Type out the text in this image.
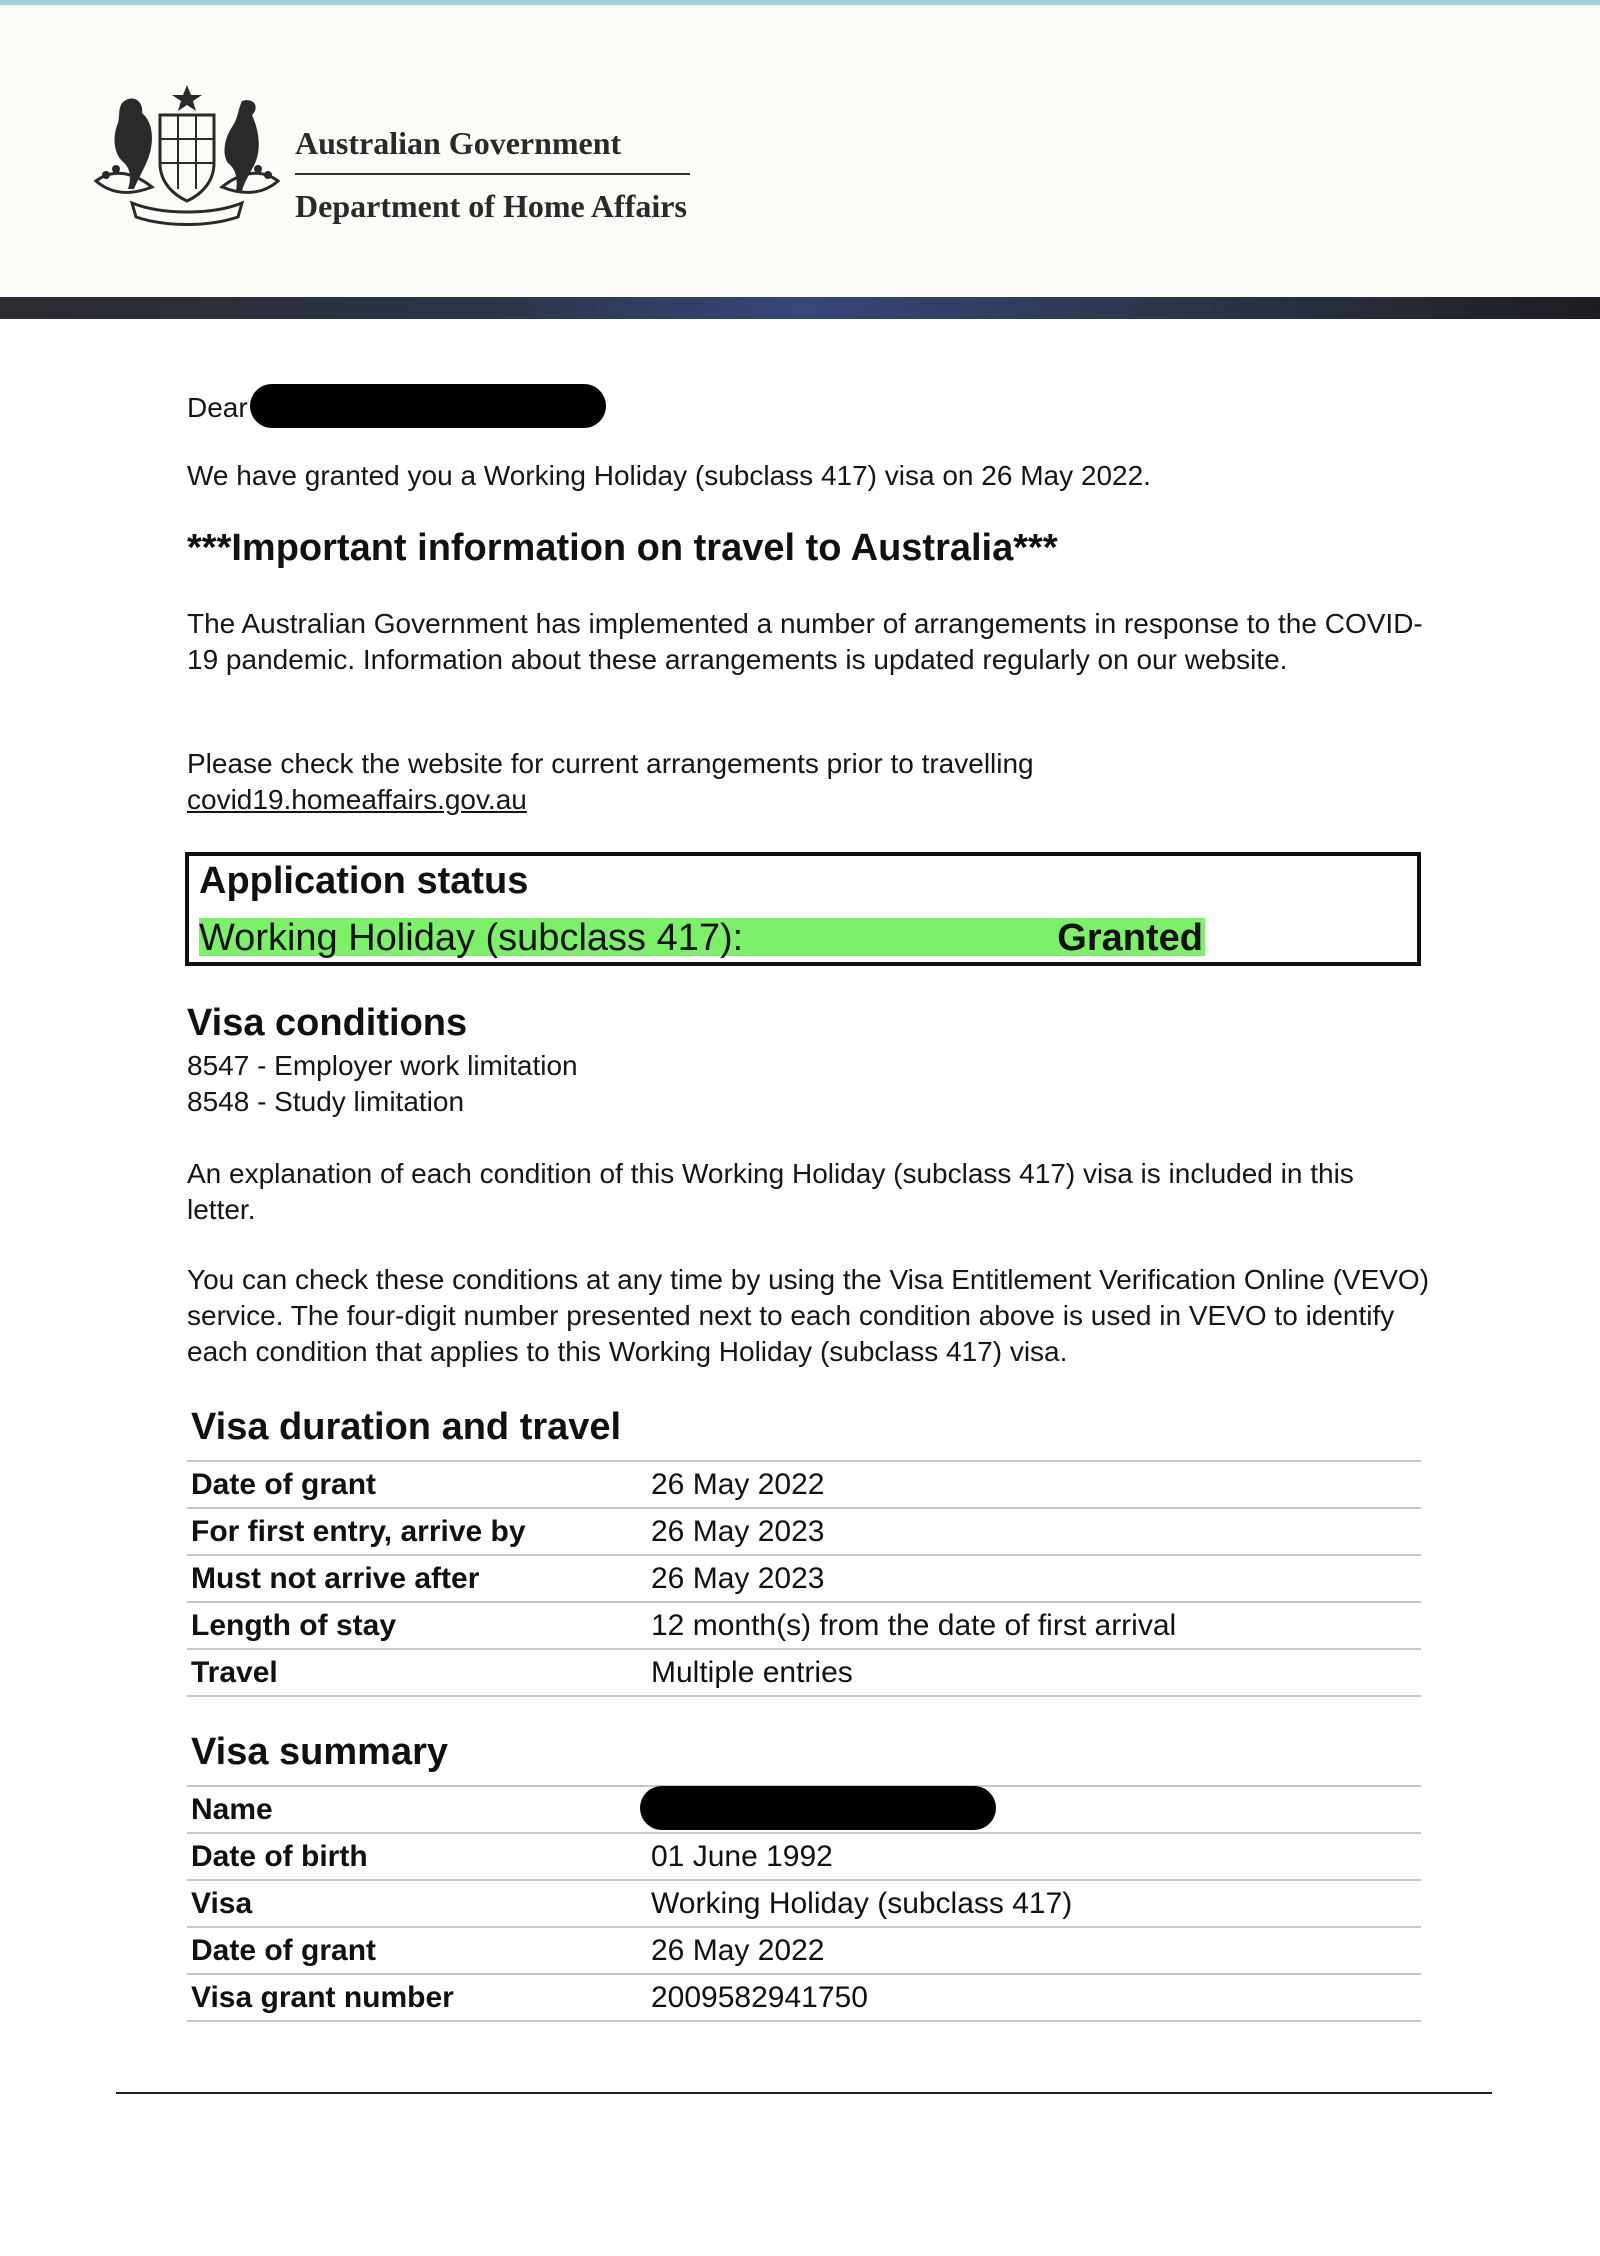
Australian Government
Department of Home Affairs

Dear

We have granted you a Working Holiday (subclass 417) visa on 26 May 2022.

***Important information on travel to Australia***

The Australian Government has implemented a number of arrangements in response to the COVID-19 pandemic. Information about these arrangements is updated regularly on our website.

Please check the website for current arrangements prior to travelling

covid19.homeaffairs.gov.au
Application status
Working Holiday (subclass 417):	Granted
Visa conditions

8547 - Employer work limitation

8548 - Study limitation

An explanation of each condition of this Working Holiday (subclass 417) visa is included in this letter.

You can check these conditions at any time by using the Visa Entitlement Verification Online (VEVO) service. The four-digit number presented next to each condition above is used in VEVO to identify each condition that applies to this Working Holiday (subclass 417) visa.

Visa duration and travel
Date of grant	26 May 2022
For first entry, arrive by	26 May 2023
Must not arrive after	26 May 2023
Length of stay	12 month(s) from the date of first arrival
Travel	Multiple entries
Visa summary
Name	
Date of birth	01 June 1992
Visa	Working Holiday (subclass 417)
Date of grant	26 May 2022
Visa grant number	2009582941750
